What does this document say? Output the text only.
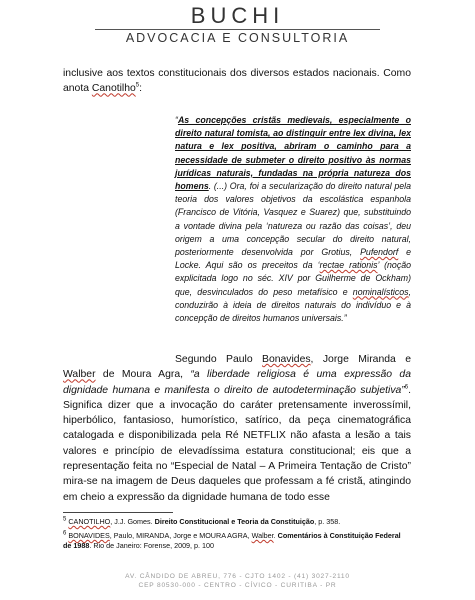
BUCHI
ADVOCACIA E CONSULTORIA
inclusive aos textos constitucionais dos diversos estados nacionais. Como anota Canotilho$^5$:
“As concepções cristãs medievais, especialmente o direito natural tomista, ao distinguir entre lex divina, lex natura e lex positiva, abriram o caminho para a necessidade de submeter o direito positivo às normas jurídicas naturais, fundadas na própria natureza dos homens. (...) Ora, foi a secularização do direito natural pela teoria dos valores objetivos da escolástica espanhola (Francisco de Vitória, Vasquez e Suarez) que, substituindo a vontade divina pela ‘natureza ou razão das coisas’, deu origem a uma concepção secular do direito natural, posteriormente desenvolvida por Grotius, Pufendorf e Locke. Aqui são os preceitos da ‘rectae rationis’ (noção explicitada logo no séc. XIV por Guilherme de Ockham) que, desvinculados do peso metafísico e nominalísticos, conduzirão à ideia de direitos naturais do indivíduo e à concepção de direitos humanos universais.”
Segundo Paulo Bonavides, Jorge Miranda e Walber de Moura Agra, “a liberdade religiosa é uma expressão da dignidade humana e manifesta o direito de autodeterminação subjetiva”$^6$. Significa dizer que a invocação do caráter pretensamente inverossímil, hiperbólico, fantasioso, humorístico, satírico, da peça cinematográfica catalogada e disponibilizada pela Ré NETFLIX não afasta a lesão a tais valores e princípio de elevadíssima estatura constitucional; eis que a representação feita no “Especial de Natal – A Primeira Tentação de Cristo” mira-se na imagem de Deus daqueles que professam a fé cristã, atingindo em cheio a expressão da dignidade humana de todo esse
$^5$ CANOTILHO, J.J. Gomes. Direito Constitucional e Teoria da Constituição, p. 358.
$^6$ BONAVIDES, Paulo, MIRANDA, Jorge e MOURA AGRA, Walber. Comentários à Constituição Federal de 1988. Rio de Janeiro: Forense, 2009, p. 100
AV. CÂNDIDO DE ABREU, 776 - CJTO 1402 - (41) 3027-2110
CEP 80530-000 - CENTRO - CÍVICO - CURITIBA - PR
